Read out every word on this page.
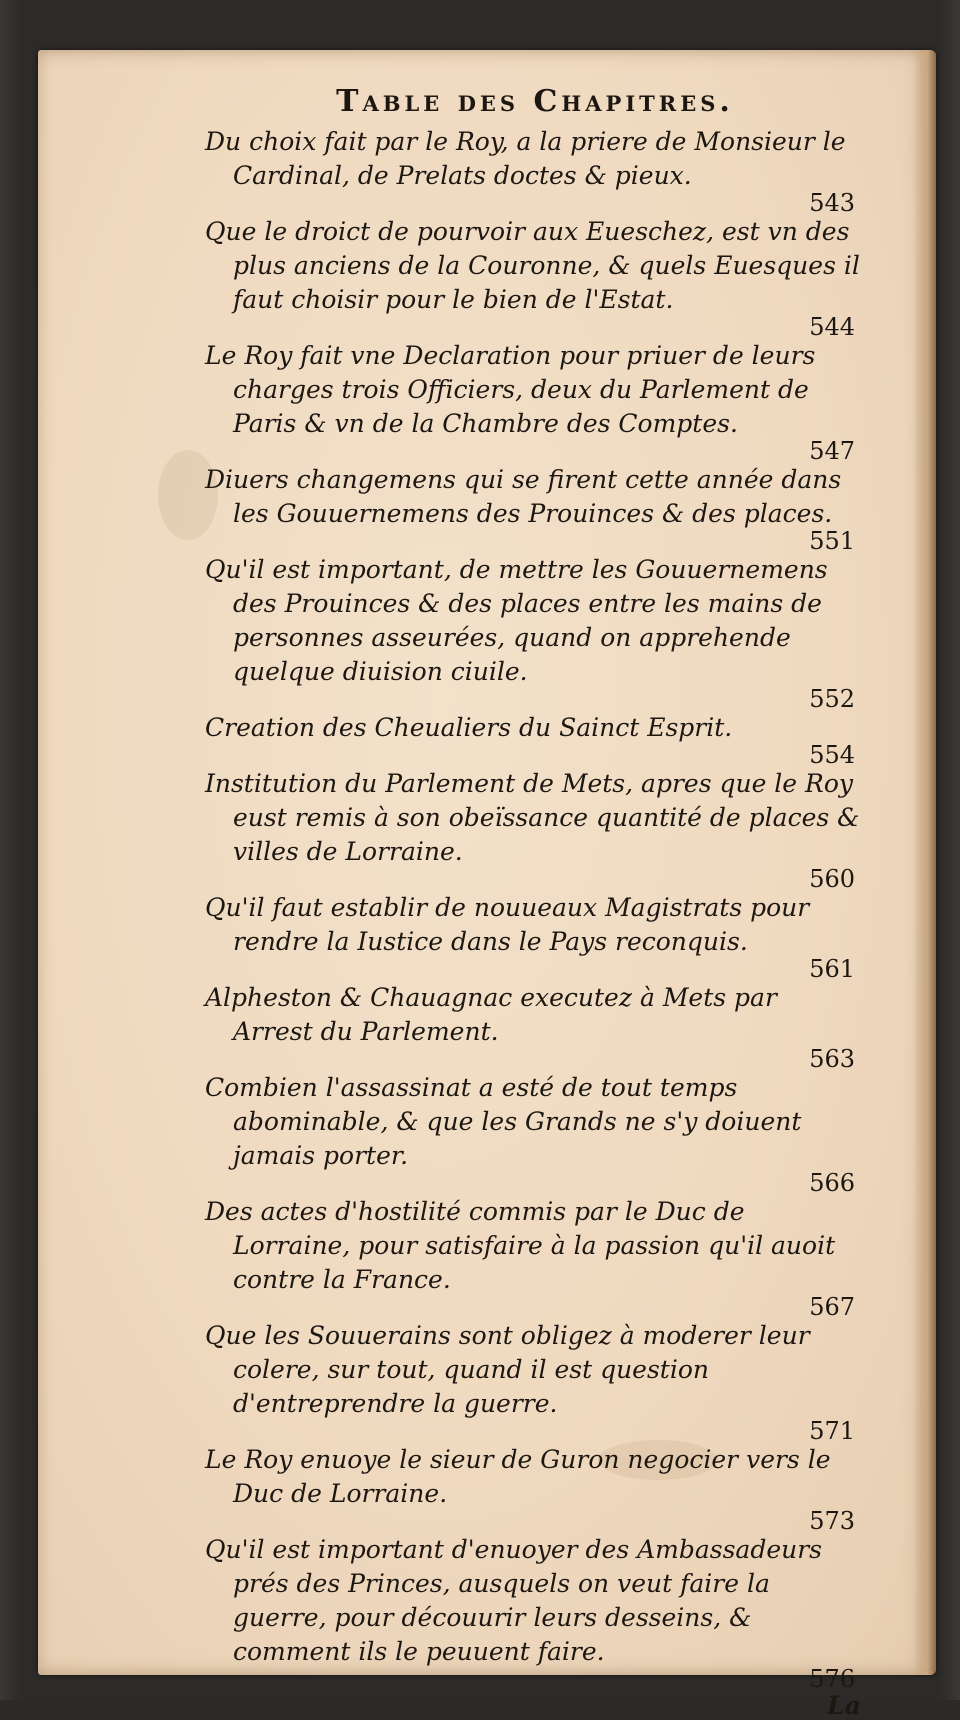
Table des Chapitres.
Du choix fait par le Roy, a la priere de Monsieur le Cardinal, de Prelats doctes & pieux.
543
Que le droict de pourvoir aux Eueschez, est vn des plus anciens de la Couronne, & quels Euesques il faut choisir pour le bien de l'Estat.
544
Le Roy fait vne Declaration pour priuer de leurs charges trois Officiers, deux du Parlement de Paris & vn de la Chambre des Comptes.
547
Diuers changemens qui se firent cette année dans les Gouuernemens des Prouinces & des places.
551
Qu'il est important, de mettre les Gouuernemens des Prouinces & des places entre les mains de personnes asseurées, quand on apprehende quelque diuision ciuile.
552
Creation des Cheualiers du Sainct Esprit.
554
Institution du Parlement de Mets, apres que le Roy eust remis à son obeïssance quantité de places & villes de Lorraine.
560
Qu'il faut establir de nouueaux Magistrats pour rendre la Iustice dans le Pays reconquis.
561
Alpheston & Chauagnac executez à Mets par Arrest du Parlement.
563
Combien l'assassinat a esté de tout temps abominable, & que les Grands ne s'y doiuent jamais porter.
566
Des actes d'hostilité commis par le Duc de Lorraine, pour satisfaire à la passion qu'il auoit contre la France.
567
Que les Souuerains sont obligez à moderer leur colere, sur tout, quand il est question d'entreprendre la guerre.
571
Le Roy enuoye le sieur de Guron negocier vers le Duc de Lorraine.
573
Qu'il est important d'enuoyer des Ambassadeurs prés des Princes, ausquels on veut faire la guerre, pour découurir leurs desseins, & comment ils le peuuent faire.
576
La
